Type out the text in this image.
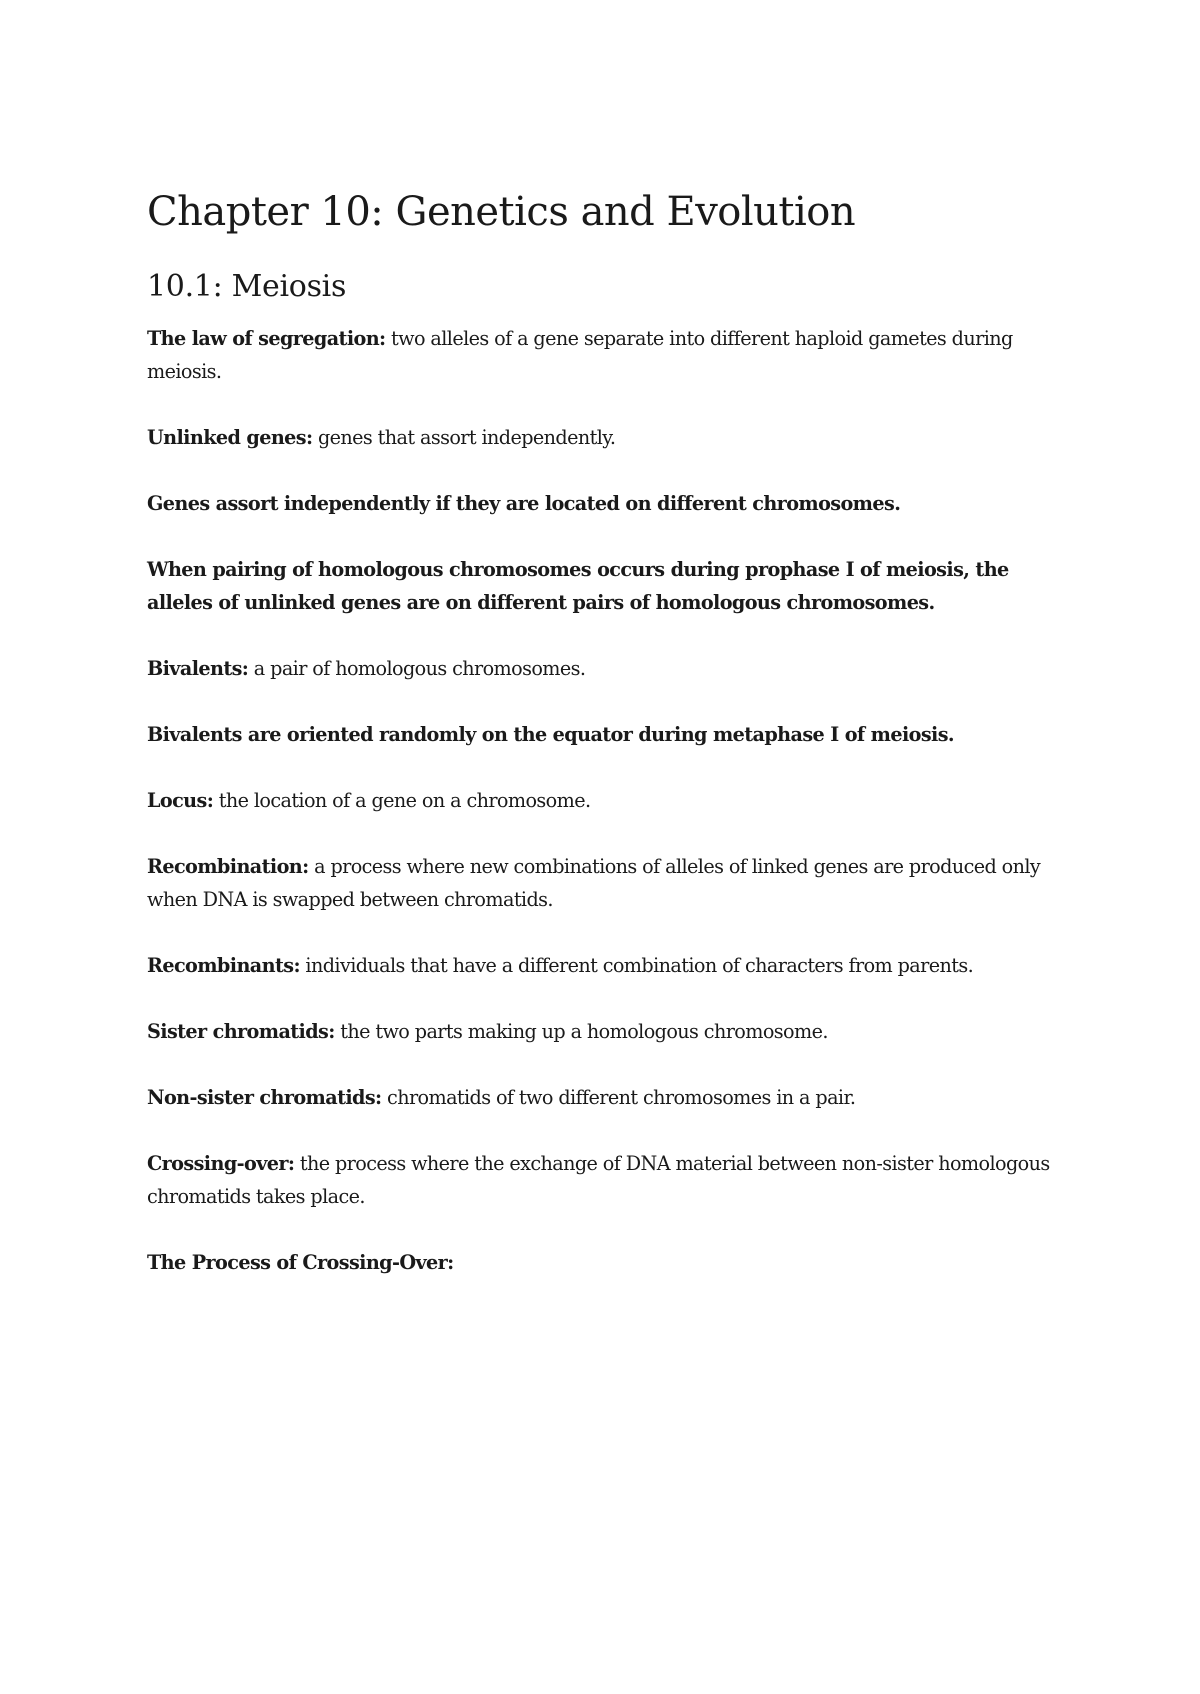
Chapter 10: Genetics and Evolution
10.1: Meiosis

The law of segregation: two alleles of a gene separate into different haploid gametes during meiosis.

Unlinked genes: genes that assort independently.

Genes assort independently if they are located on different chromosomes.

When pairing of homologous chromosomes occurs during prophase I of meiosis, the alleles of unlinked genes are on different pairs of homologous chromosomes.

Bivalents: a pair of homologous chromosomes.

Bivalents are oriented randomly on the equator during metaphase I of meiosis.

Locus: the location of a gene on a chromosome.

Recombination: a process where new combinations of alleles of linked genes are produced only when DNA is swapped between chromatids.

Recombinants: individuals that have a different combination of characters from parents.

Sister chromatids: the two parts making up a homologous chromosome.

Non-sister chromatids: chromatids of two different chromosomes in a pair.

Crossing-over: the process where the exchange of DNA material between non-sister homologous chromatids takes place.

The Process of Crossing-Over:
